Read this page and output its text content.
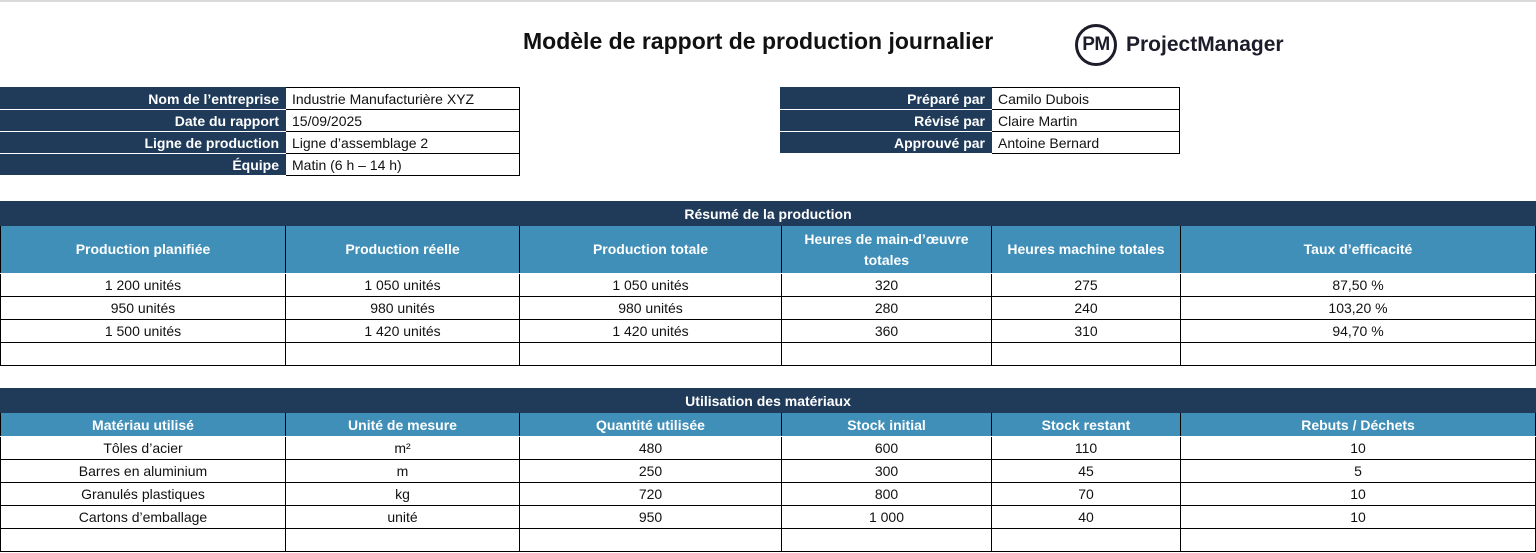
Modèle de rapport de production journalier	PM ProjectManager
Nom de l’entreprise	Industrie Manufacturière XYZ
Date du rapport	15/09/2025
Ligne de production	Ligne d’assemblage 2
Équipe	Matin (6 h – 14 h)
Préparé par	Camilo Dubois
Révisé par	Claire Martin
Approuvé par	Antoine Bernard
Résumé de la production					
Production planifiée	Production réelle	Production totale	Heures de main-d’œuvre totales	Heures machine totales	Taux d’efficacité
1 200 unités	1 050 unités	1 050 unités	320	275	87,50 %
950 unités	980 unités	980 unités	280	240	103,20 %
1 500 unités	1 420 unités	1 420 unités	360	310	94,70 %

Utilisation des matériaux					
Matériau utilisé	Unité de mesure	Quantité utilisée	Stock initial	Stock restant	Rebuts / Déchets
Tôles d’acier	m²	480	600	110	10
Barres en aluminium	m	250	300	45	5
Granulés plastiques	kg	720	800	70	10
Cartons d’emballage	unité	950	1 000	40	10
